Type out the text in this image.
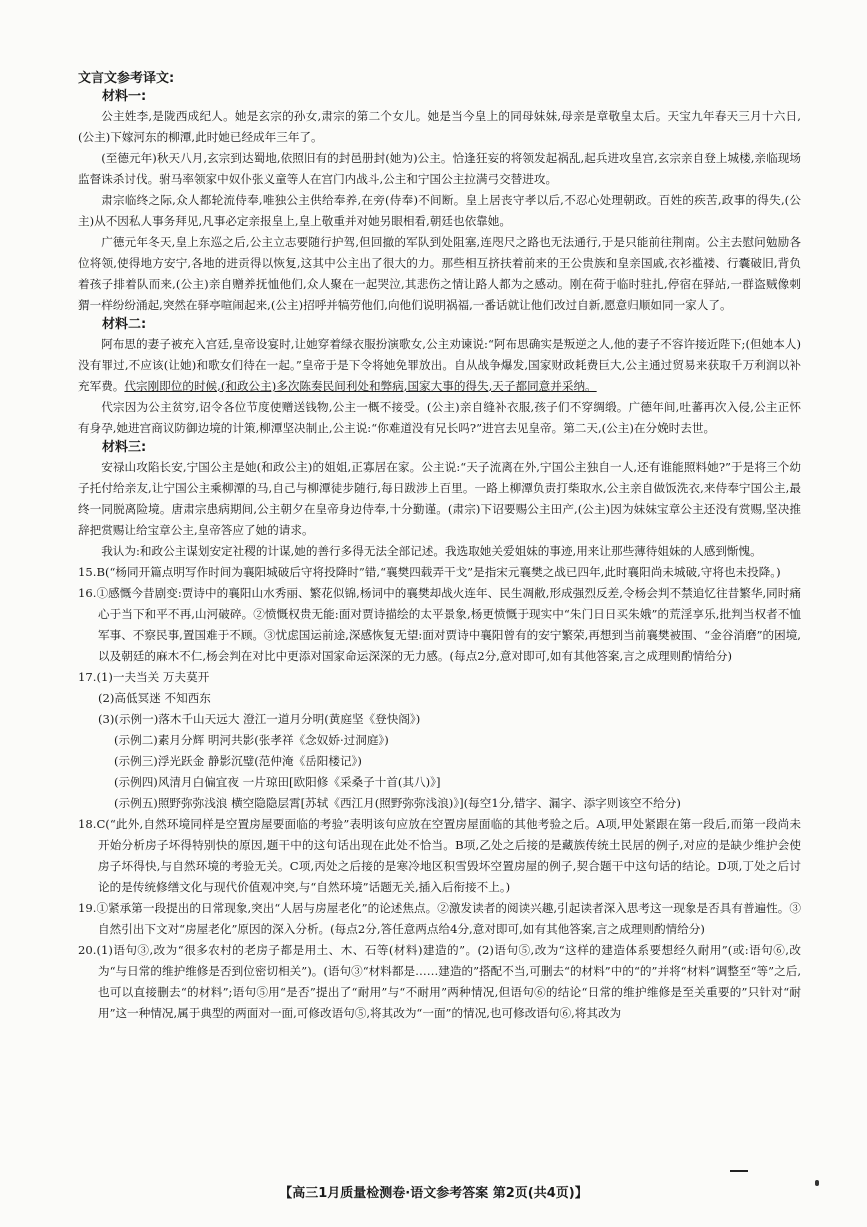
文言文参考译文:
材料一:

公主姓李,是陇西成纪人。她是玄宗的孙女,肃宗的第二个女儿。她是当今皇上的同母妹妹,母亲是章敬皇太后。天宝九年春天三月十六日,(公主)下嫁河东的柳潭,此时她已经成年三年了。

(至德元年)秋天八月,玄宗到达蜀地,依照旧有的封邑册封(她为)公主。恰逢狂妄的将领发起祸乱,起兵进攻皇宫,玄宗亲自登上城楼,亲临现场监督诛杀讨伐。驸马率领家中奴仆张义童等人在宫门内战斗,公主和宁国公主拉满弓交替进攻。

肃宗临终之际,众人都轮流侍奉,唯独公主供给奉养,在旁(侍奉)不间断。皇上居丧守孝以后,不忍心处理朝政。百姓的疾苦,政事的得失,(公主)从不因私人事务拜见,凡事必定亲报皇上,皇上敬重并对她另眼相看,朝廷也依靠她。

广德元年冬天,皇上东巡之后,公主立志要随行护驾,但回撤的军队到处阻塞,连咫尺之路也无法通行,于是只能前往荆南。公主去慰问勉励各位将领,使得地方安宁,各地的进贡得以恢复,这其中公主出了很大的力。那些相互挤扶着前来的王公贵族和皇亲国戚,衣衫褴褛、行囊破旧,背负着孩子排着队而来,(公主)亲自赠养抚恤他们,众人聚在一起哭泣,其悲伤之情让路人都为之感动。刚在荷于临时驻扎,停宿在驿站,一群盗贼像刺猬一样纷纷涌起,突然在驿亭喧闹起来,(公主)招呼并犒劳他们,向他们说明祸福,一番话就让他们改过自新,愿意归顺如同一家人了。

材料二:

阿布思的妻子被充入宫廷,皇帝设宴时,让她穿着绿衣服扮演歌女,公主劝谏说:“阿布思确实是叛逆之人,他的妻子不容许接近陛下;(但她本人)没有罪过,不应该(让她)和歌女们待在一起。”皇帝于是下令将她免罪放出。自从战争爆发,国家财政耗费巨大,公主通过贸易来获取千万利润以补充军费。代宗刚即位的时候,(和政公主)多次陈奏民间利处和弊病,国家大事的得失,天子都同意并采纳。

代宗因为公主贫穷,诏令各位节度使赠送钱物,公主一概不接受。(公主)亲自缝补衣服,孩子们不穿绸缎。广德年间,吐蕃再次入侵,公主正怀有身孕,她进宫商议防御边境的计策,柳潭坚决制止,公主说:“你难道没有兄长吗?”进宫去见皇帝。第二天,(公主)在分娩时去世。

材料三:

安禄山攻陷长安,宁国公主是她(和政公主)的姐姐,正寡居在家。公主说:“天子流离在外,宁国公主独自一人,还有谁能照料她?”于是将三个幼子托付给亲友,让宁国公主乘柳潭的马,自己与柳潭徒步随行,每日跋涉上百里。一路上柳潭负责打柴取水,公主亲自做饭洗衣,来侍奉宁国公主,最终一同脱离险境。唐肃宗患病期间,公主朝夕在皇帝身边侍奉,十分勤谨。(肃宗)下诏要赐公主田产,(公主)因为妹妹宝章公主还没有赏赐,坚决推辞把赏赐让给宝章公主,皇帝答应了她的请求。

我认为:和政公主谋划安定社稷的计谋,她的善行多得无法全部记述。我选取她关爱姐妹的事迹,用来让那些薄待姐妹的人感到惭愧。

15.B(“杨同开篇点明写作时间为襄阳城破后守将投降时”错,“襄樊四载弄干戈”是指宋元襄樊之战已四年,此时襄阳尚未城破,守将也未投降。)

16.①感慨今昔剧变:贾诗中的襄阳山水秀丽、繁花似锦,杨词中的襄樊却战火连年、民生凋敝,形成强烈反差,令杨会判不禁追忆往昔繁华,同时痛心于当下和平不再,山河破碎。②愤慨权贵无能:面对贾诗描绘的太平景象,杨更愤慨于现实中“朱门日日买朱娥”的荒淫享乐,批判当权者不恤军事、不察民事,置国难于不顾。③忧虑国运前途,深感恢复无望:面对贾诗中襄阳曾有的安宁繁荣,再想到当前襄樊被围、“金谷消磨”的困境,以及朝廷的麻木不仁,杨会判在对比中更添对国家命运深深的无力感。(每点2分,意对即可,如有其他答案,言之成理则酌情给分)

17.(1)一夫当关 万夫莫开

(2)高低冥迷 不知西东

(3)(示例一)落木千山天远大 澄江一道月分明(黄庭坚《登快阁》)

(示例二)素月分辉 明河共影(张孝祥《念奴娇·过洞庭》)

(示例三)浮光跃金 静影沉璧(范仲淹《岳阳楼记》)

(示例四)风清月白偏宜夜 一片琼田[欧阳修《采桑子十首(其八)》]

(示例五)照野弥弥浅浪 横空隐隐层霄[苏轼《西江月(照野弥弥浅浪)》](每空1分,错字、漏字、添字则该空不给分)

18.C(“此外,自然环境同样是空置房屋要面临的考验”表明该句应放在空置房屋面临的其他考验之后。A项,甲处紧跟在第一段后,而第一段尚未开始分析房子坏得特别快的原因,题干中的这句话出现在此处不恰当。B项,乙处之后接的是藏族传统土民居的例子,对应的是缺少维护会使房子坏得快,与自然环境的考验无关。C项,丙处之后接的是寒冷地区积雪毁坏空置房屋的例子,契合题干中这句话的结论。D项,丁处之后讨论的是传统修缮文化与现代价值观冲突,与“自然环境”话题无关,插入后衔接不上。)

19.①紧承第一段提出的日常现象,突出“人居与房屋老化”的论述焦点。②激发读者的阅读兴趣,引起读者深入思考这一现象是否具有普遍性。③自然引出下文对“房屋老化”原因的深入分析。(每点2分,答任意两点给4分,意对即可,如有其他答案,言之成理则酌情给分)

20.(1)语句③,改为“很多农村的老房子都是用土、木、石等(材料)建造的”。(2)语句⑤,改为“这样的建造体系要想经久耐用”(或:语句⑥,改为“与日常的维护维修是否到位密切相关”)。(语句③“材料都是……建造的”搭配不当,可删去“的材料”中的“的”并将“材料”调整至“等”之后,也可以直接删去“的材料”;语句⑤用“是否”提出了“耐用”与“不耐用”两种情况,但语句⑥的结论“日常的维护维修是至关重要的”只针对“耐用”这一种情况,属于典型的两面对一面,可修改语句⑤,将其改为“一面”的情况,也可修改语句⑥,将其改为

【高三1月质量检测卷·语文参考答案 第2页(共4页)】
